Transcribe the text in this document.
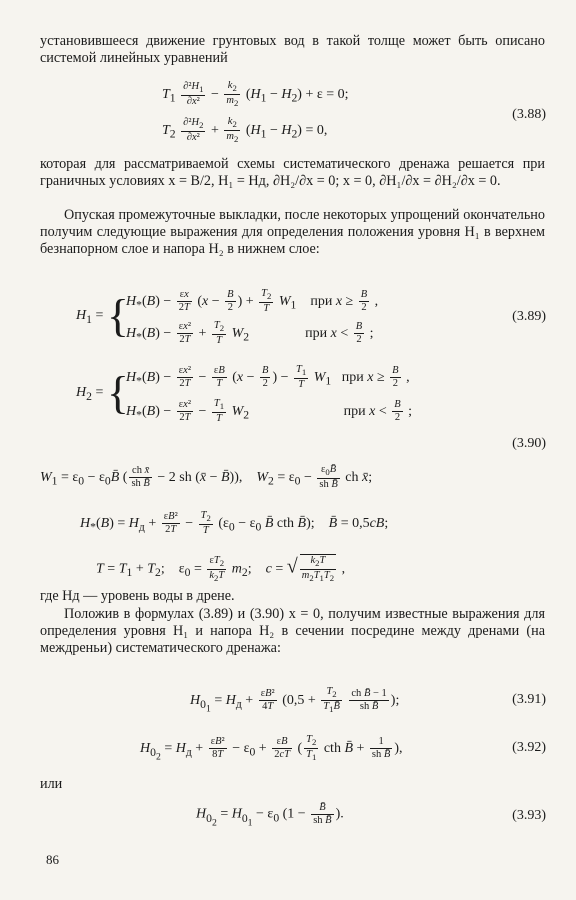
установившееся движение грунтовых вод в такой толще может быть описано системой линейных уравнений

$T_1 \frac{\partial^2H_1}{\text{∂x²}} - \frac{k_2}{m_2} (H_1 - H_2) + \varepsilon = 0$;
$T_2 \frac{\partial^2H_2}{\text{∂x²}} + \frac{k_2}{m_2} (H_1 - H_2) = 0$,
(3.88)

которая для рассматриваемой схемы систематического дренажа решается при граничных условиях x = B/2, H₁ = Hд, ∂H₂/∂x = 0; x = 0, ∂H₁/∂x = ∂H₂/∂x = 0.

Опуская промежуточные выкладки, после некоторых упрощений окончательно получим следующие выражения для определения положения уровня H₁ в верхнем безнапорном слое и напора H₂ в нижнем слое:

$H_1$ = {
$H_*(B) - \frac{\varepsilon x}{2T} (x - \frac{B}{2}$ ) + $\frac{T_2}{T} W_1$    при $x \ge \frac{B}{2}$ ,
$H_*(B) - \frac{\text{εx²}}{2T} + \frac{T_2}{T} W_2$                при $x < \frac{B}{2}$ ;
(3.89)
$H_2$ = {
$H_*(B) - \frac{\text{εx²}}{2T} - \frac{\varepsilon B}{T} (x - \frac{B}{2}$ ) − $\frac{T_1}{T} W_1$   при $x \ge \frac{B}{2}$ ,
$H_*(B) - \frac{\text{εx²}}{2T} - \frac{T_1}{T} W_2$                           при $x < \frac{B}{2}$ ;
(3.90)
$W_1 = \varepsilon_0$ − $\varepsilon_0B̄$ ( $\frac{\text{ch x̄}}{\text{sh B̄}} - 2$ sh (x̄ − B̄)),    $W_2 = \varepsilon_0 - \frac{\varepsilon_0B̄}{\text{sh B̄}}$ ch x̄;
$H_*(B) = H_д + \frac{\text{εB²}}{2T} - \frac{T_2}{T} (\varepsilon_0 - \varepsilon_0$ B̄ cth B̄);    B̄ = 0,5cB;
$T = T_1 + T_2$;    $\varepsilon_0 = \frac{\varepsilon T_2}{k_2T} m_2$;    c = √ $\frac{k_2T}{m_2T_1T_2}$ ,

где Hд — уровень воды в дрене.

Положив в формулах (3.89) и (3.90) x = 0, получим известные выражения для определения уровня H₁ и напора H₂ в сечении посредине между дренами (на междреньи) систематического дренажа:

$H_{0_1} = H_д + \frac{\text{εB²}}{4T} (0,5 + \frac{T_2}{T_1B̄}$
$\frac{\text{ch B̄ − 1}}{\text{sh B̄}}$ );	(3.91)
$H_{0_2} = H_д + \frac{\text{εB²}}{8T} - \varepsilon_0 + \frac{\varepsilon B}{2cT}$ ( $\frac{T_2}{T_1}$ cth B̄ + $\frac{1}{\text{sh B̄}}$ ),	(3.92)

или

$H_{0_2} = H_{0_1} - \varepsilon_0$ ($1 - \frac{B̄}{\text{sh B̄}}$ ).	(3.93)
86
